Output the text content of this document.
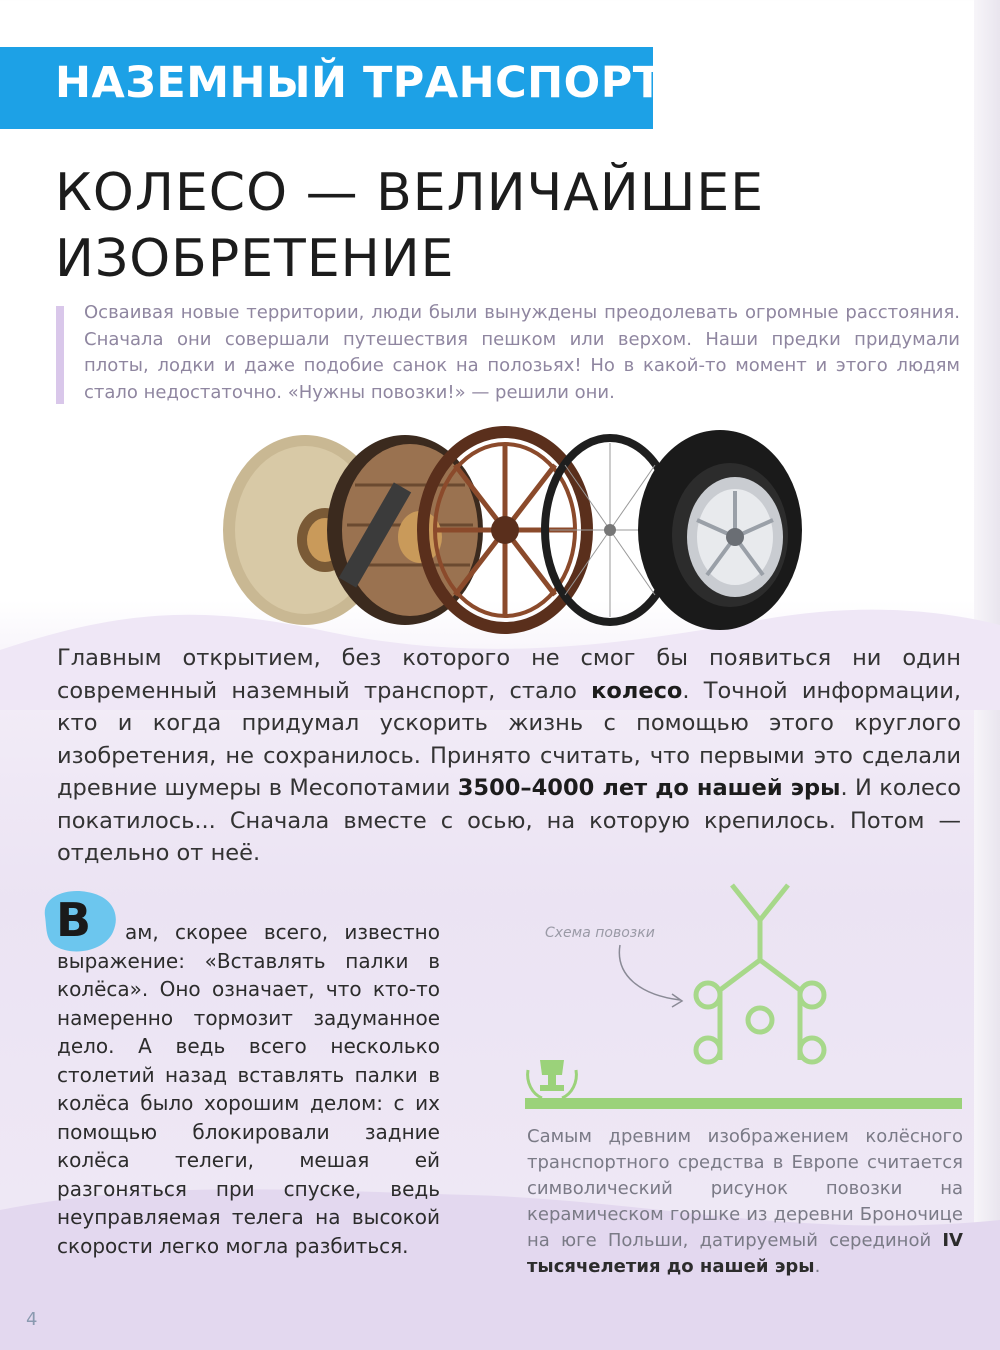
НАЗЕМНЫЙ ТРАНСПОРТ
КОЛЕСО — ВЕЛИЧАЙШЕЕ
ИЗОБРЕТЕНИЕ

Осваивая новые территории, люди были вынуждены преодолевать огромные расстояния. Сначала они совершали путешествия пешком или верхом. Наши предки придумали плоты, лодки и даже подобие санок на полозьях! Но в какой-то момент и этого людям стало недостаточно. «Нужны повозки!» — решили они.

Главным открытием, без которого не смог бы появиться ни один современный наземный транспорт, стало колесо. Точной информации, кто и когда придумал ускорить жизнь с помощью этого круглого изобретения, не сохранилось. Принято считать, что первыми это сделали древние шумеры в Месопотамии 3500–4000 лет до нашей эры. И колесо покатилось... Сначала вместе с осью, на которую крепилось. Потом — отдельно от неё.

В	ам, скорее всего, известно выражение: «Вставлять палки в колёса». Оно означает, что кто-то намеренно тормозит задуманное дело. А ведь всего несколько столетий назад вставлять палки в колёса было хорошим делом: с их помощью блокировали задние колёса телеги, мешая ей разгоняться при спуске, ведь неуправляемая телега на высокой скорости легко могла разбиться.

Схема повозки

Самым древним изображением колёсного транспортного средства в Европе считается символический рисунок повозки на керамическом горшке из деревни Броночице на юге Польши, датируемый серединой IV тысячелетия до нашей эры.

4
